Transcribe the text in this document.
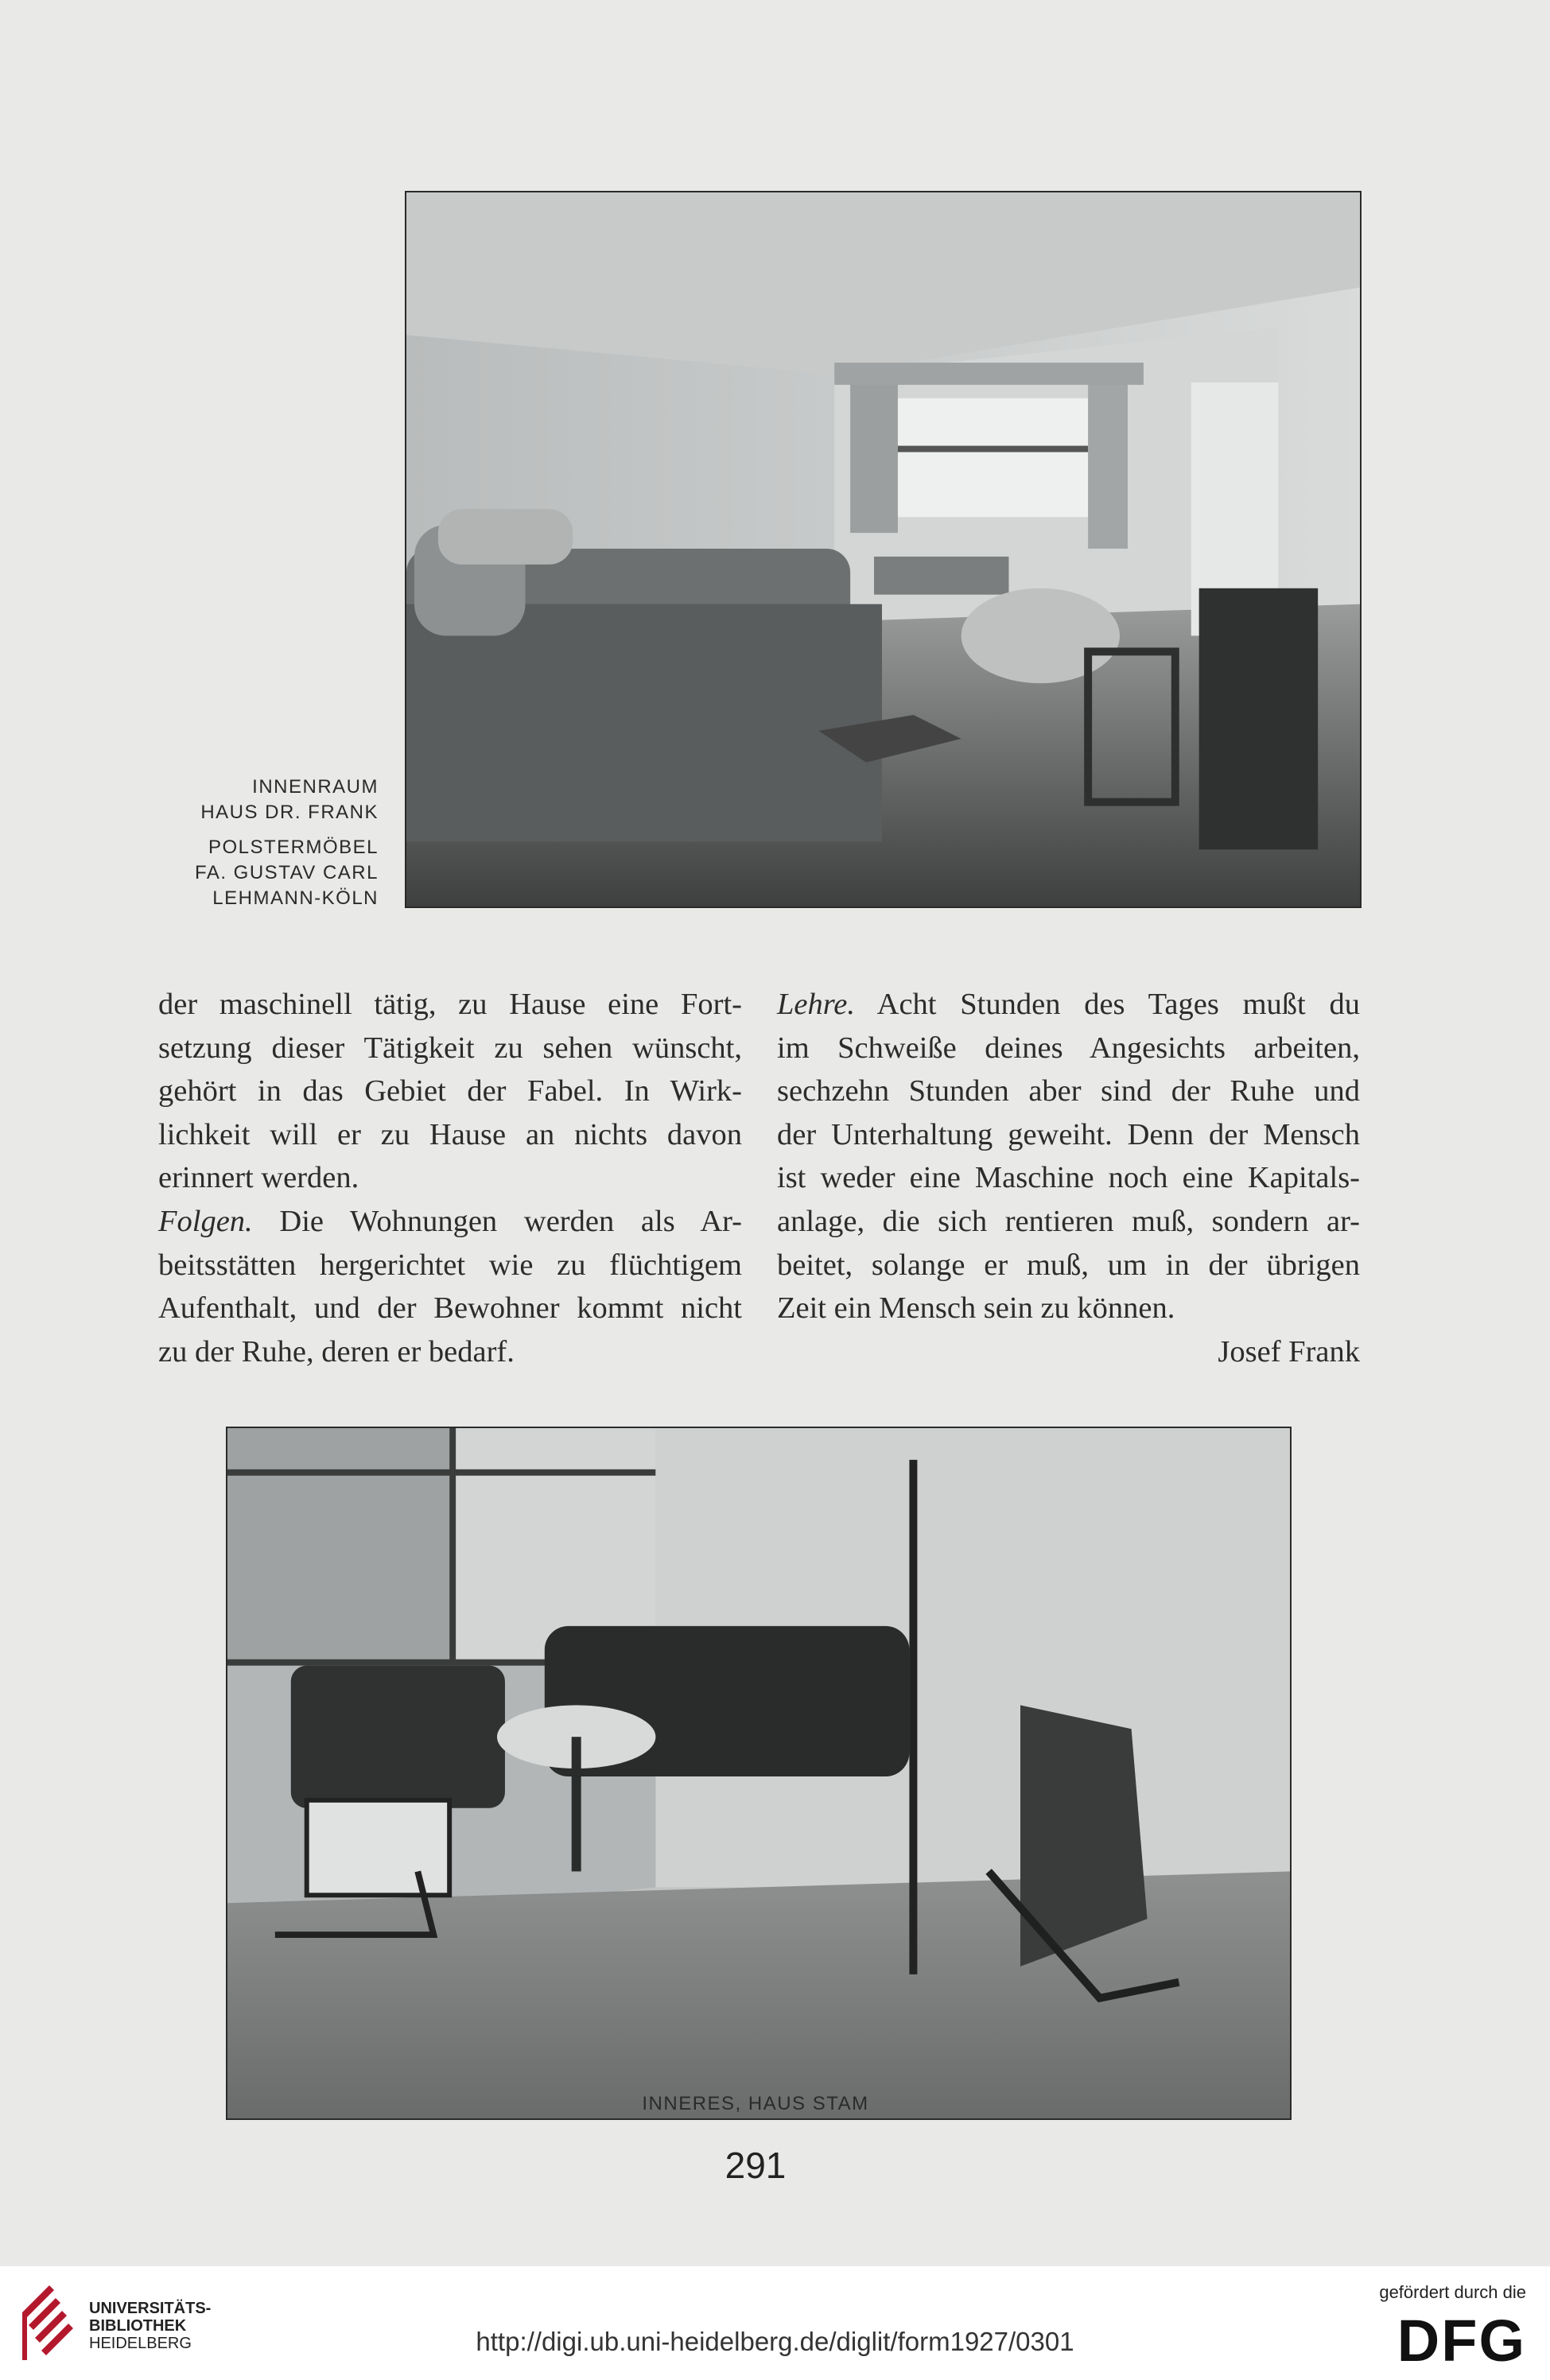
INNENRAUM
HAUS DR. FRANK
POLSTERMÖBEL
FA. GUSTAV CARL
LEHMANN-KÖLN
der maschinell tätig, zu Hause eine Fort-
setzung dieser Tätigkeit zu sehen wünscht,
gehört in das Gebiet der Fabel. In Wirk-
lichkeit will er zu Hause an nichts davon
erinnert werden.
Folgen. Die Wohnungen werden als Ar-
beitsstätten hergerichtet wie zu flüchtigem
Aufenthalt, und der Bewohner kommt nicht
zu der Ruhe, deren er bedarf.
Lehre. Acht Stunden des Tages mußt du
im Schweiße deines Angesichts arbeiten,
sechzehn Stunden aber sind der Ruhe und
der Unterhaltung geweiht. Denn der Mensch
ist weder eine Maschine noch eine Kapitals-
anlage, die sich rentieren muß, sondern ar-
beitet, solange er muß, um in der übrigen
Zeit ein Mensch sein zu können.
Josef Frank
INNERES, HAUS STAM
291
UNIVERSITÄTS-
BIBLIOTHEK
HEIDELBERG	http://digi.ub.uni-heidelberg.de/diglit/form1927/0301
gefördert durch die
DFG
